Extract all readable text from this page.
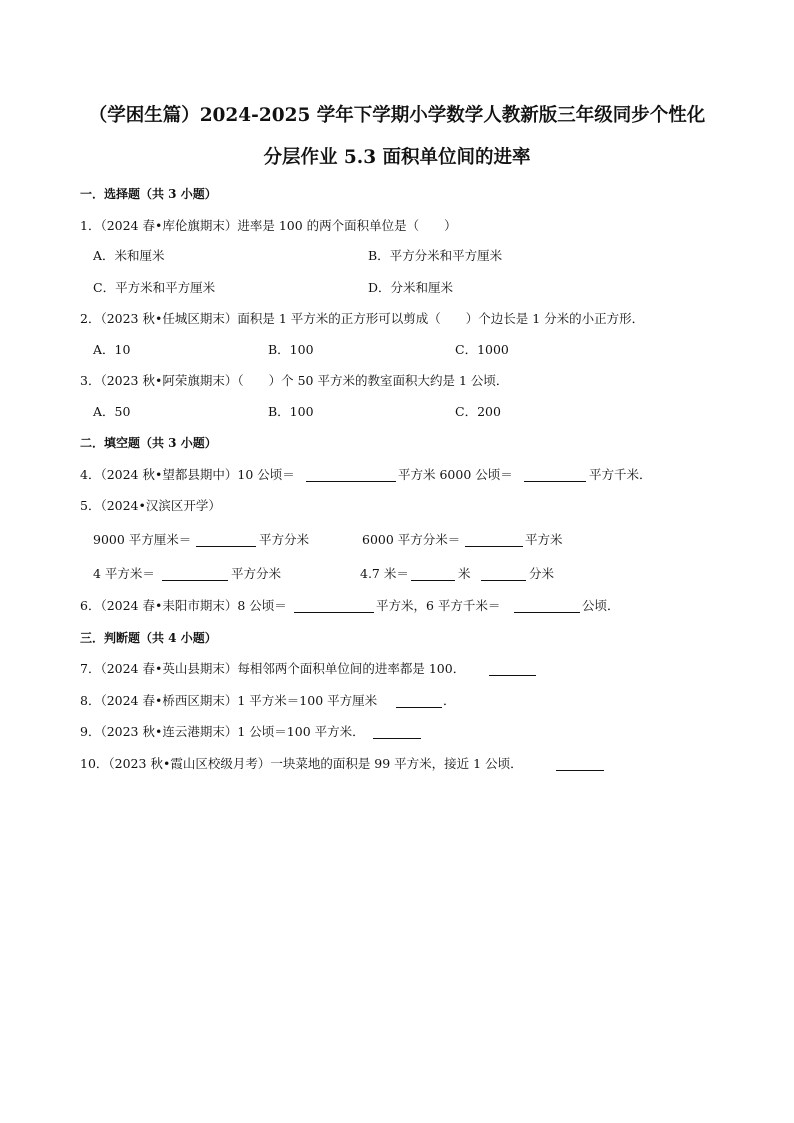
（学困生篇）2024-2025 学年下学期小学数学人教新版三年级同步个性化
分层作业 5.3 面积单位间的进率
一．选择题（共 3 小题）
1．（2024 春•库伦旗期末）进率是 100 的两个面积单位是（　　）
A．米和厘米	B．平方分米和平方厘米
C．平方米和平方厘米	D．分米和厘米
2．（2023 秋•任城区期末）面积是 1 平方米的正方形可以剪成（　　）个边长是 1 分米的小正方形．
A．10	B．100	C．1000
3．（2023 秋•阿荣旗期末）（　　）个 50 平方米的教室面积大约是 1 公顷．
A．50	B．100	C．200
二．填空题（共 3 小题）
4．（2024 秋•望都县期中）10 公顷＝	平方米 6000 公顷＝	平方千米．
5．（2024•汉滨区开学）
9000 平方厘米＝	平方分米	6000 平方分米＝	平方米
4 平方米＝	平方分米	4.7 米＝	米	分米
6．（2024 春•耒阳市期末）8 公顷＝	平方米，6 平方千米＝	公顷．
三．判断题（共 4 小题）
7．（2024 春•英山县期末）每相邻两个面积单位间的进率都是 100．
8．（2024 春•桥西区期末）1 平方米＝100 平方厘米	．
9．（2023 秋•连云港期末）1 公顷＝100 平方米．
10．（2023 秋•霞山区校级月考）一块菜地的面积是 99 平方米，接近 1 公顷．
